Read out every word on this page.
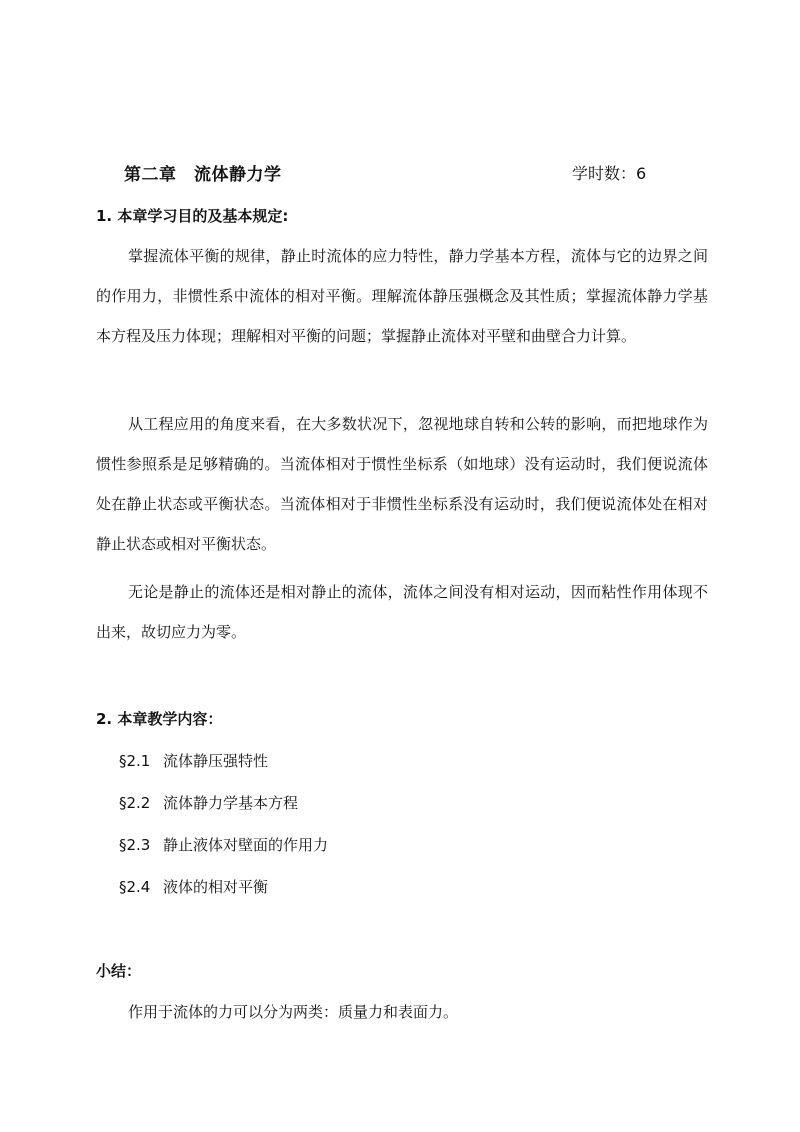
第二章　流体静力学	学时数：6
1. 本章学习目的及基本规定:

掌握流体平衡的规律，静止时流体的应力特性，静力学基本方程，流体与它的边界之间的作用力，非惯性系中流体的相对平衡。理解流体静压强概念及其性质；掌握流体静力学基本方程及压力体现；理解相对平衡的问题；掌握静止流体对平壁和曲壁合力计算。

从工程应用的角度来看，在大多数状况下，忽视地球自转和公转的影响，而把地球作为惯性参照系是足够精确的。当流体相对于惯性坐标系（如地球）没有运动时，我们便说流体处在静止状态或平衡状态。当流体相对于非惯性坐标系没有运动时，我们便说流体处在相对静止状态或相对平衡状态。

无论是静止的流体还是相对静止的流体，流体之间没有相对运动，因而粘性作用体现不出来，故切应力为零。

2. 本章教学内容：
§2.1 流体静压强特性
§2.2 流体静力学基本方程
§2.3 静止液体对壁面的作用力
§2.4 液体的相对平衡
小结：
作用于流体的力可以分为两类：质量力和表面力。
